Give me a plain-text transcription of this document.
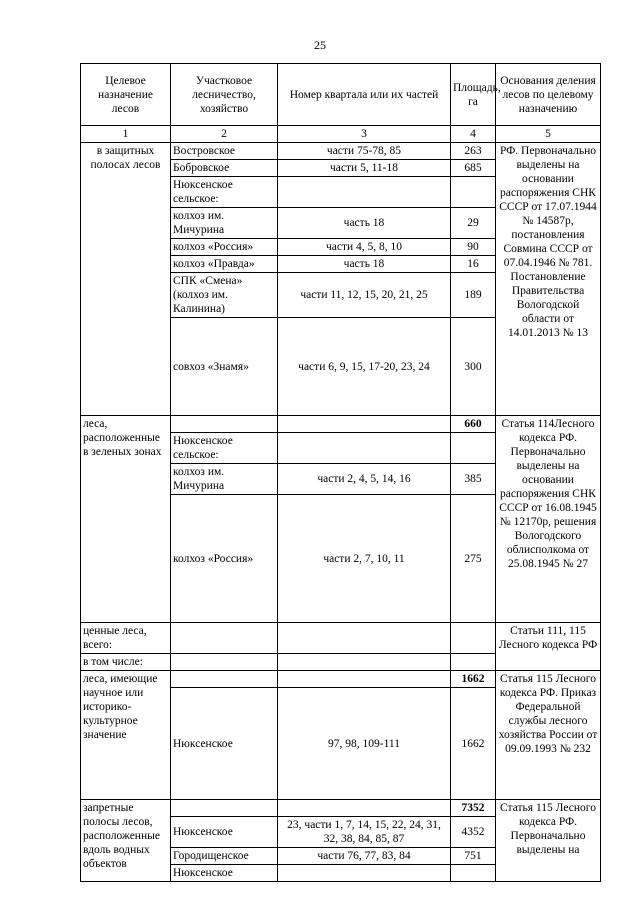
25
Целевое назначение лесов	Участковое лесничество, хозяйство	Номер квартала или их частей	Площадь, га	Основания деления лесов по целевому назначению
1	2	3	4	5
в защитных полосах лесов	Востровское	части 75-78, 85	263	РФ. Первоначально выделены на основании распоряжения СНК СССР от 17.07.1944 № 14587р, постановления Совмина СССР от 07.04.1946 № 781. Постановление Правительства Вологодской области от 14.01.2013 № 13
	Бобровское	части 5, 11-18	685	
	Нюксенское сельское:			
	колхоз им. Мичурина	часть 18	29	
	колхоз «Россия»	части 4, 5, 8, 10	90	
	колхоз «Правда»	часть 18	16	
	СПК «Смена» (колхоз им. Калинина)	части 11, 12, 15, 20, 21, 25	189	
	совхоз «Знамя»	части 6, 9, 15, 17-20, 23, 24	300	
леса, расположенные в зеленых зонах			660	Статья 114Лесного кодекса РФ. Первоначально выделены на основании распоряжения СНК СССР от 16.08.1945 № 12170р, решения Вологодского облисполкома от 25.08.1945 № 27
	Нюксенское сельское:			
	колхоз им. Мичурина	части 2, 4, 5, 14, 16	385	
	колхоз «Россия»	части 2, 7, 10, 11	275	
ценные леса, всего:				Статьи 111, 115 Лесного кодекса РФ
в том числе:				
леса, имеющие научное или историко-культурное значение			1662	Статья 115 Лесного кодекса РФ. Приказ Федеральной службы лесного хозяйства России от 09.09.1993 № 232
	Нюксенское	97, 98, 109-111	1662	
запретные полосы лесов, расположенные вдоль водных объектов			7352	Статья 115 Лесного кодекса РФ. Первоначально выделены на
	Нюксенское	23, части 1, 7, 14, 15, 22, 24, 31, 32, 38, 84, 85, 87	4352	
	Городищенское	части 76, 77, 83, 84	751	
	Нюксенское			
